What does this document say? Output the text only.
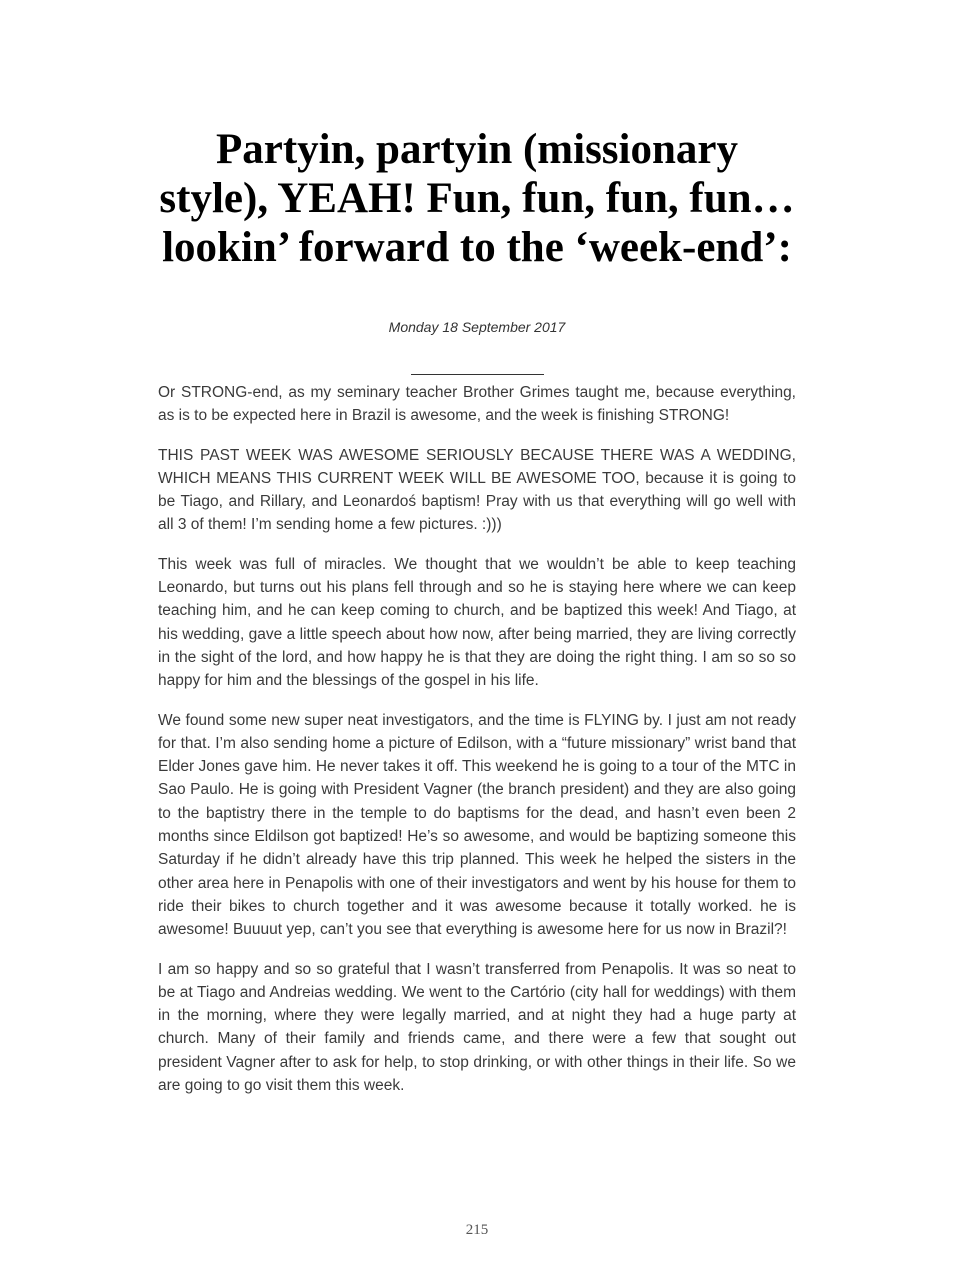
Partyin, partyin (missionary style), YEAH! Fun, fun, fun, fun… lookin’ forward to the ‘week-end’:
Monday 18 September 2017

Or STRONG-end, as my seminary teacher Brother Grimes taught me, because everything, as is to be expected here in Brazil is awesome, and the week is finishing STRONG!

THIS PAST WEEK WAS AWESOME SERIOUSLY BECAUSE THERE WAS A WEDDING, WHICH MEANS THIS CURRENT WEEK WILL BE AWESOME TOO, because it is going to be Tiago, and Rillary, and Leonardoś baptism! Pray with us that everything will go well with all 3 of them! I’m sending home a few pictures. :)))

This week was full of miracles. We thought that we wouldn’t be able to keep teaching Leonardo, but turns out his plans fell through and so he is staying here where we can keep teaching him, and he can keep coming to church, and be baptized this week! And Tiago, at his wedding, gave a little speech about how now, after being married, they are living correctly in the sight of the lord, and how happy he is that they are doing the right thing. I am so so so happy for him and the blessings of the gospel in his life.

We found some new super neat investigators, and the time is FLYING by. I just am not ready for that. I’m also sending home a picture of Edilson, with a “future missionary” wrist band that Elder Jones gave him. He never takes it off. This weekend he is going to a tour of the MTC in Sao Paulo. He is going with President Vagner (the branch president) and they are also going to the baptistry there in the temple to do baptisms for the dead, and hasn’t even been 2 months since Eldilson got baptized! He’s so awesome, and would be baptizing someone this Saturday if he didn’t already have this trip planned. This week he helped the sisters in the other area here in Penapolis with one of their investigators and went by his house for them to ride their bikes to church together and it was awesome because it totally worked. he is awesome! Buuuut yep, can’t you see that everything is awesome here for us now in Brazil?!

I am so happy and so so grateful that I wasn’t transferred from Penapolis. It was so neat to be at Tiago and Andreias wedding. We went to the Cartório (city hall for weddings) with them in the morning, where they were legally married, and at night they had a huge party at church. Many of their family and friends came, and there were a few that sought out president Vagner after to ask for help, to stop drinking, or with other things in their life. So we are going to go visit them this week.

215
